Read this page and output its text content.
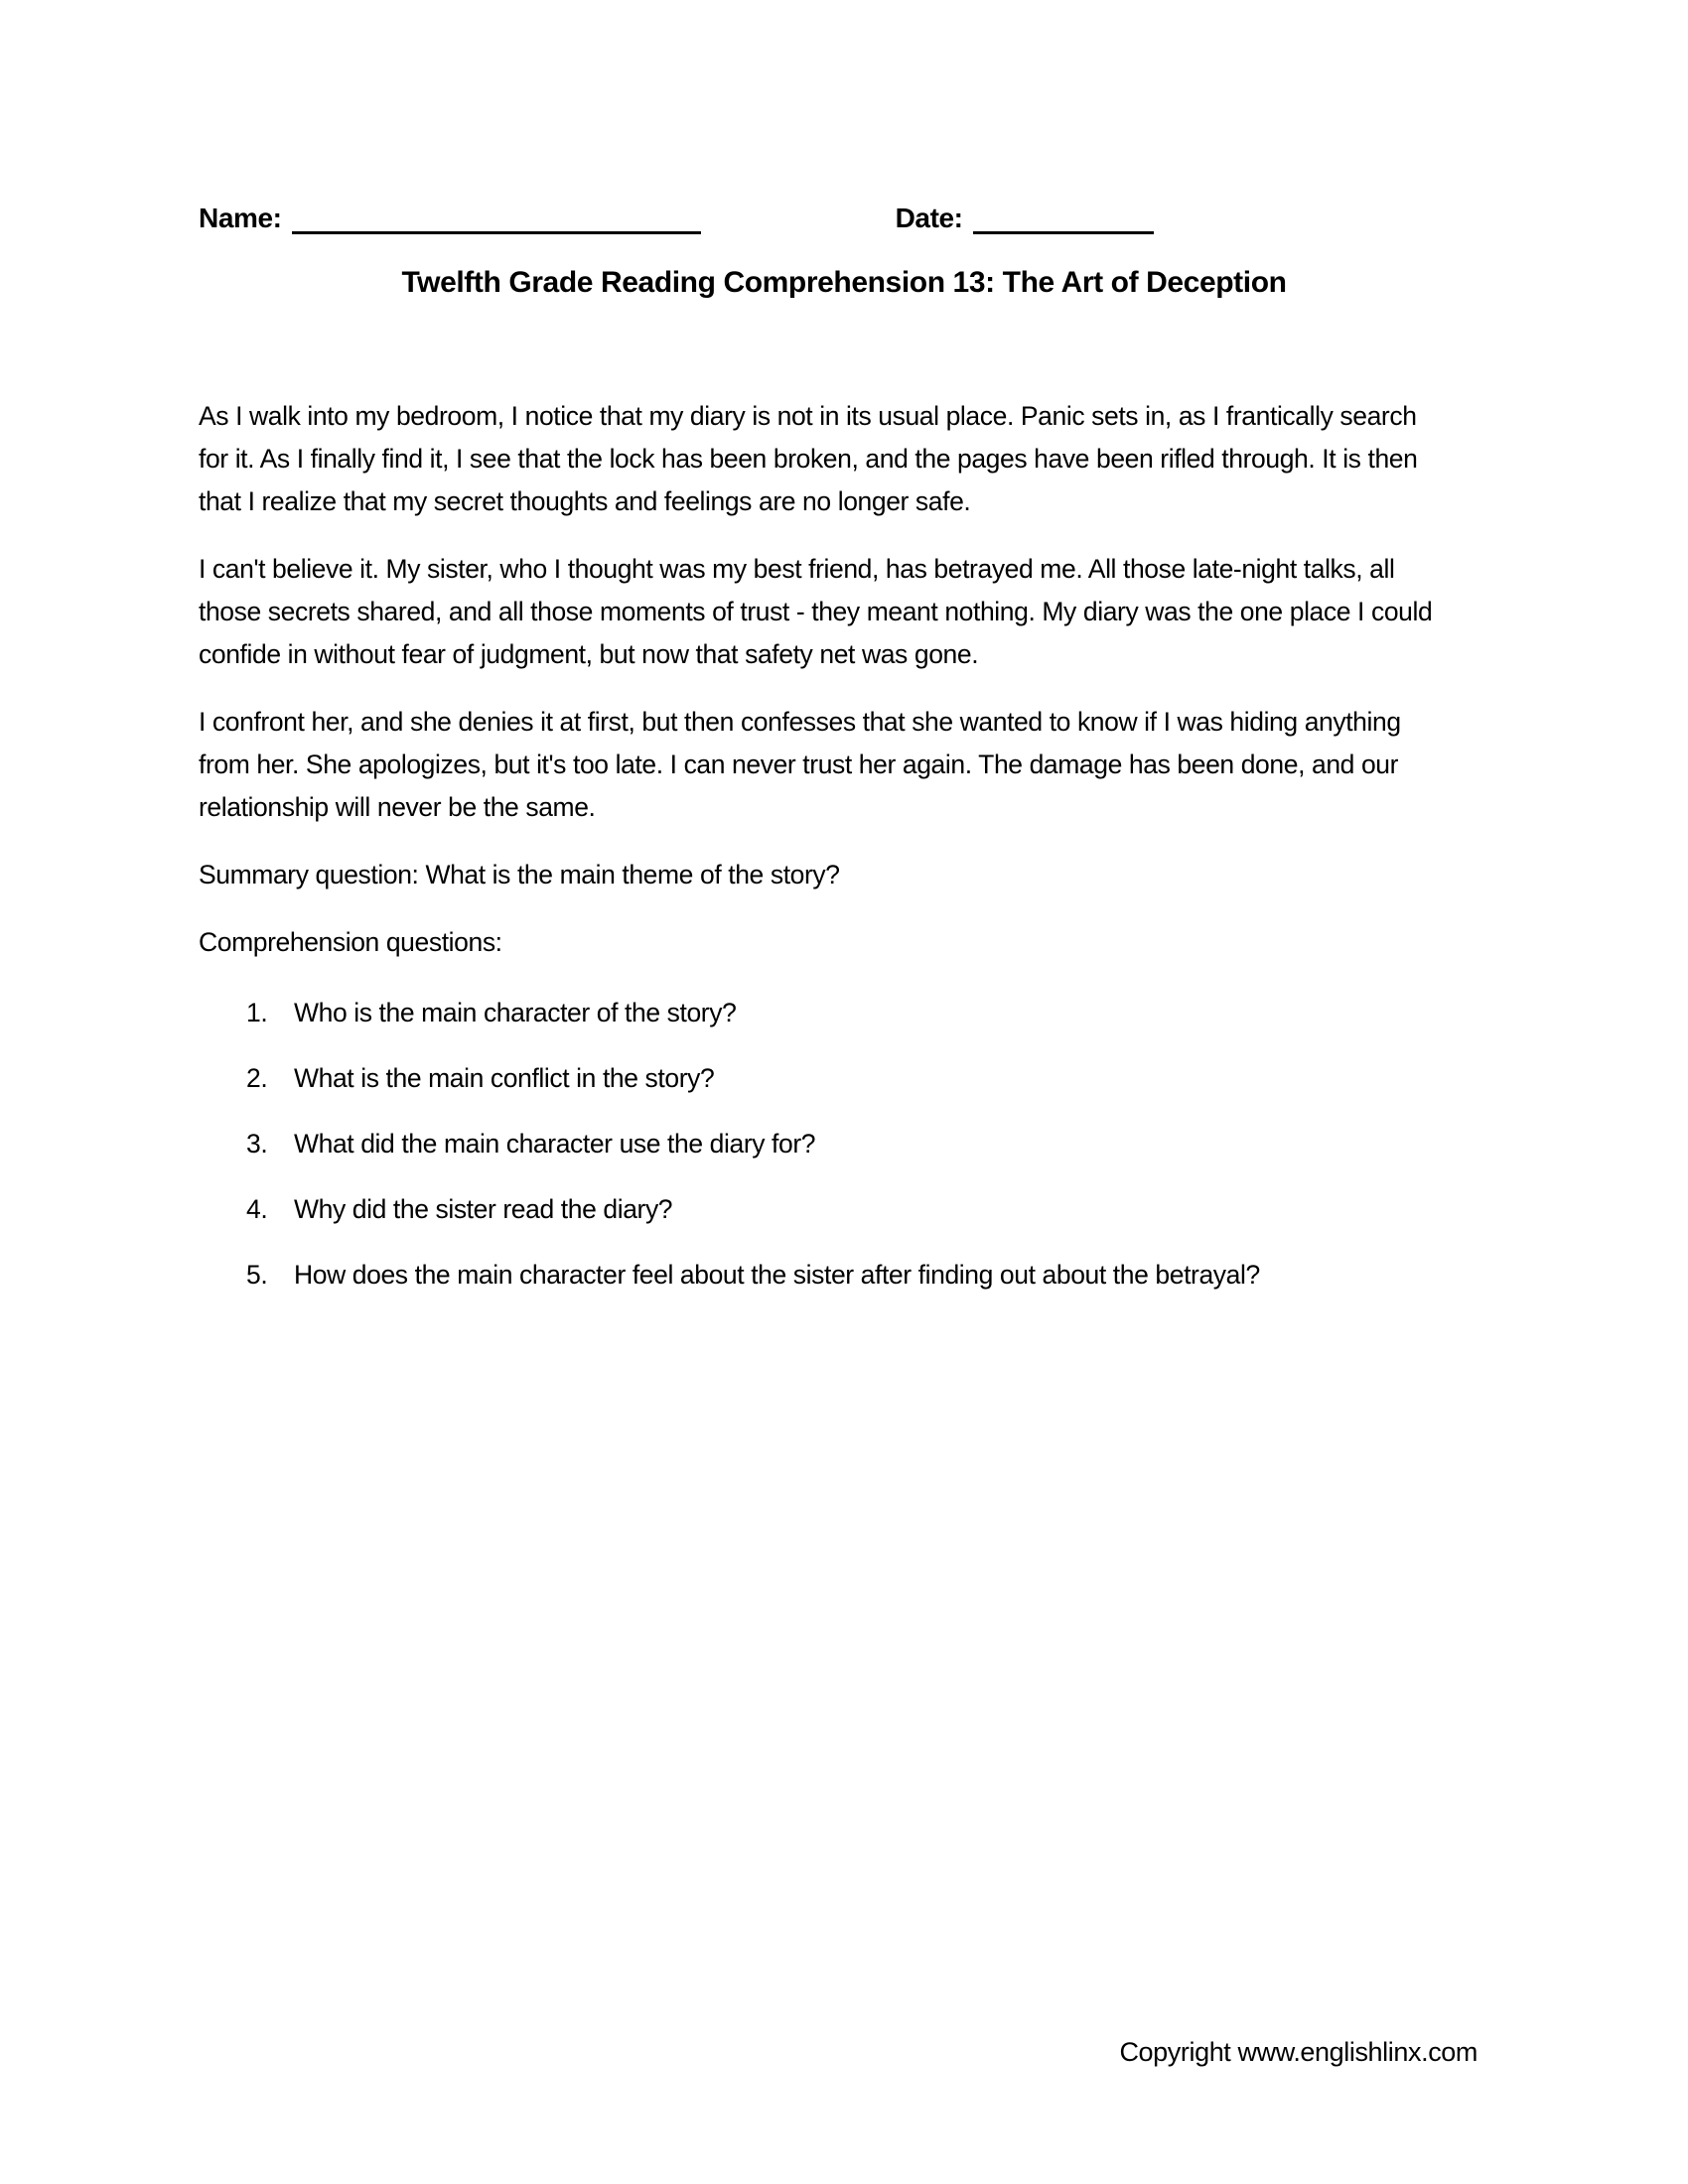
Name:	Date:
Twelfth Grade Reading Comprehension 13: The Art of Deception

As I walk into my bedroom, I notice that my diary is not in its usual place. Panic sets in, as I frantically search for it. As I finally find it, I see that the lock has been broken, and the pages have been rifled through. It is then that I realize that my secret thoughts and feelings are no longer safe.

I can't believe it. My sister, who I thought was my best friend, has betrayed me. All those late-night talks, all those secrets shared, and all those moments of trust - they meant nothing. My diary was the one place I could confide in without fear of judgment, but now that safety net was gone.

I confront her, and she denies it at first, but then confesses that she wanted to know if I was hiding anything from her. She apologizes, but it's too late. I can never trust her again. The damage has been done, and our relationship will never be the same.

Summary question: What is the main theme of the story?

Comprehension questions:

1.	Who is the main character of the story?
2.	What is the main conflict in the story?
3.	What did the main character use the diary for?
4.	Why did the sister read the diary?
5.	How does the main character feel about the sister after finding out about the betrayal?
Copyright www.englishlinx.com
